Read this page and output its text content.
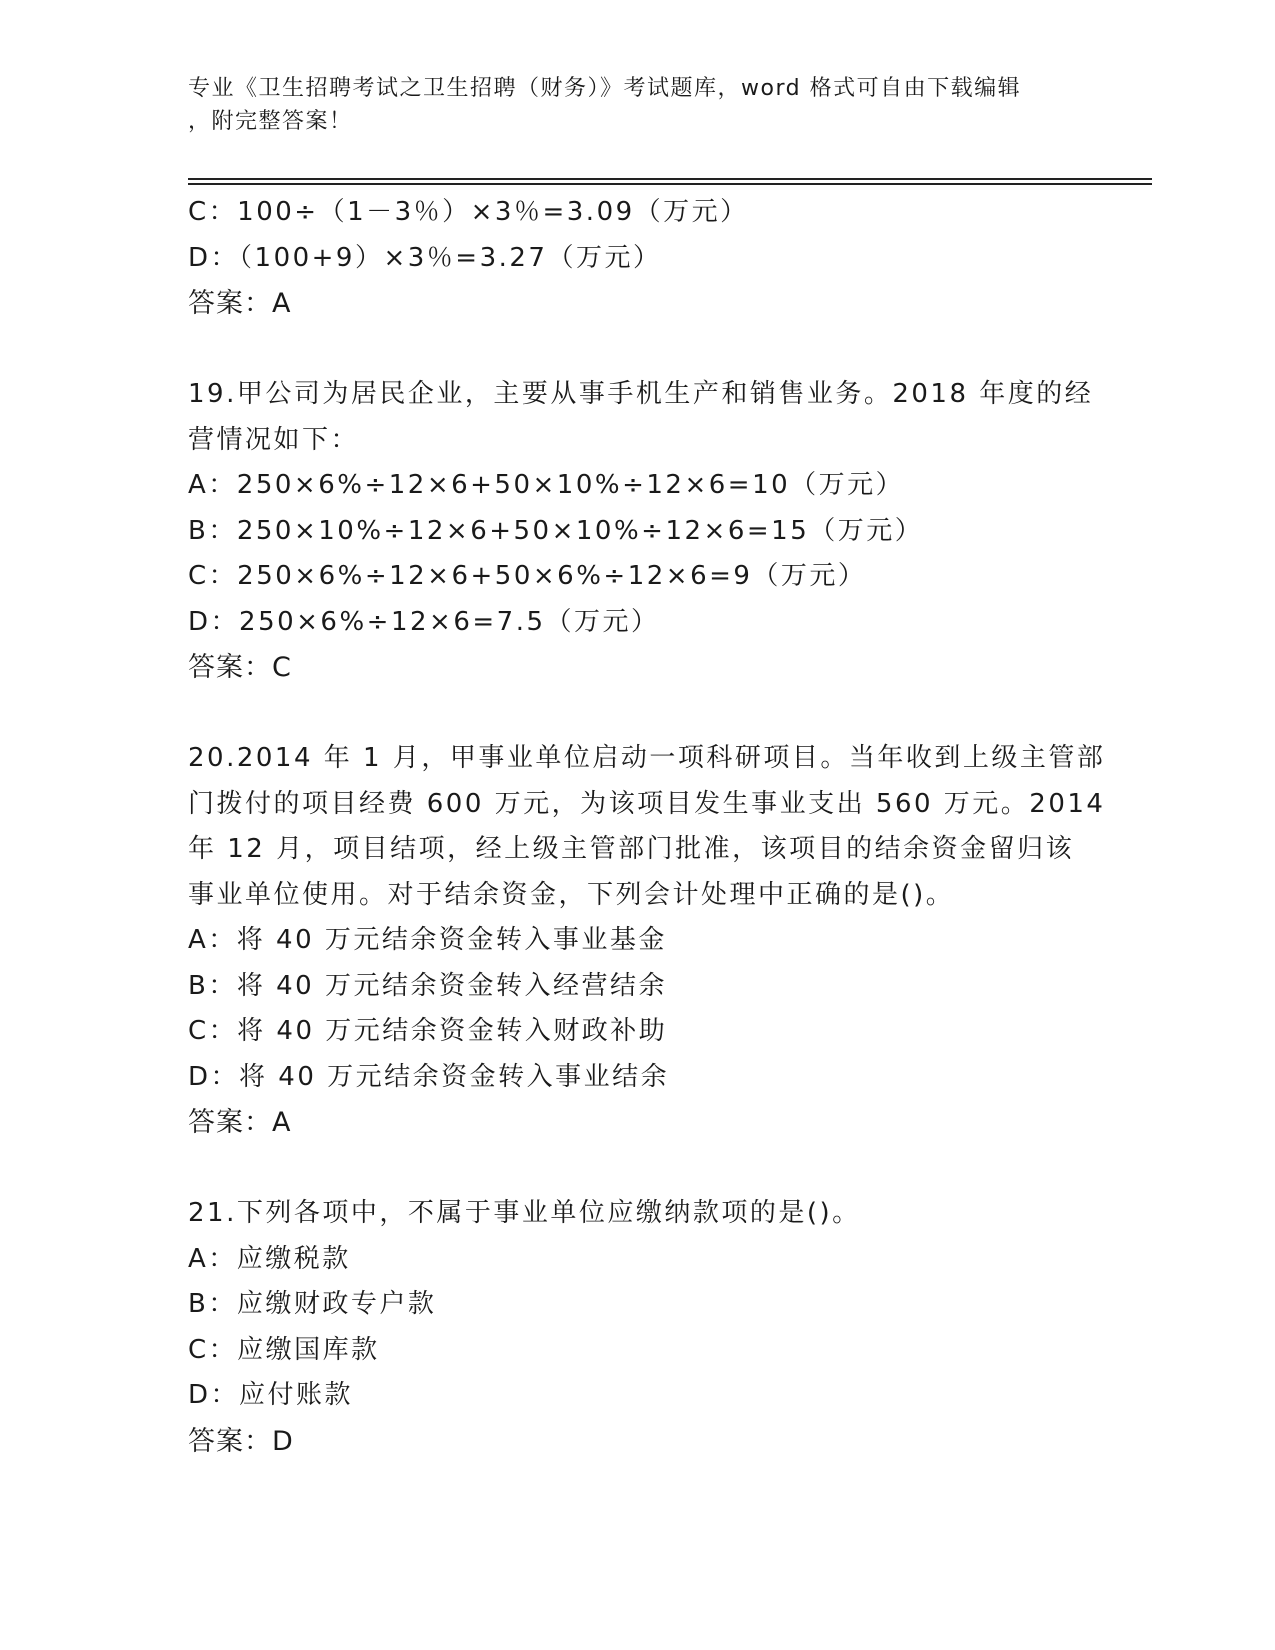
专业《卫生招聘考试之卫生招聘（财务）》考试题库，word 格式可自由下载编辑
，附完整答案！
C：100÷（1－3％）×3％=3.09（万元）
D：（100+9）×3％=3.27（万元）
答案：A
19.甲公司为居民企业，主要从事手机生产和销售业务。2018 年度的经
营情况如下：
A：250×6%÷12×6+50×10%÷12×6=10（万元）
B：250×10%÷12×6+50×10%÷12×6=15（万元）
C：250×6%÷12×6+50×6%÷12×6=9（万元）
D：250×6%÷12×6=7.5（万元）
答案：C
20.2014 年 1 月，甲事业单位启动一项科研项目。当年收到上级主管部
门拨付的项目经费 600 万元，为该项目发生事业支出 560 万元。2014
年 12 月，项目结项，经上级主管部门批准，该项目的结余资金留归该
事业单位使用。对于结余资金，下列会计处理中正确的是()。
A：将 40 万元结余资金转入事业基金
B：将 40 万元结余资金转入经营结余
C：将 40 万元结余资金转入财政补助
D：将 40 万元结余资金转入事业结余
答案：A
21.下列各项中，不属于事业单位应缴纳款项的是()。
A：应缴税款
B：应缴财政专户款
C：应缴国库款
D：应付账款
答案：D
